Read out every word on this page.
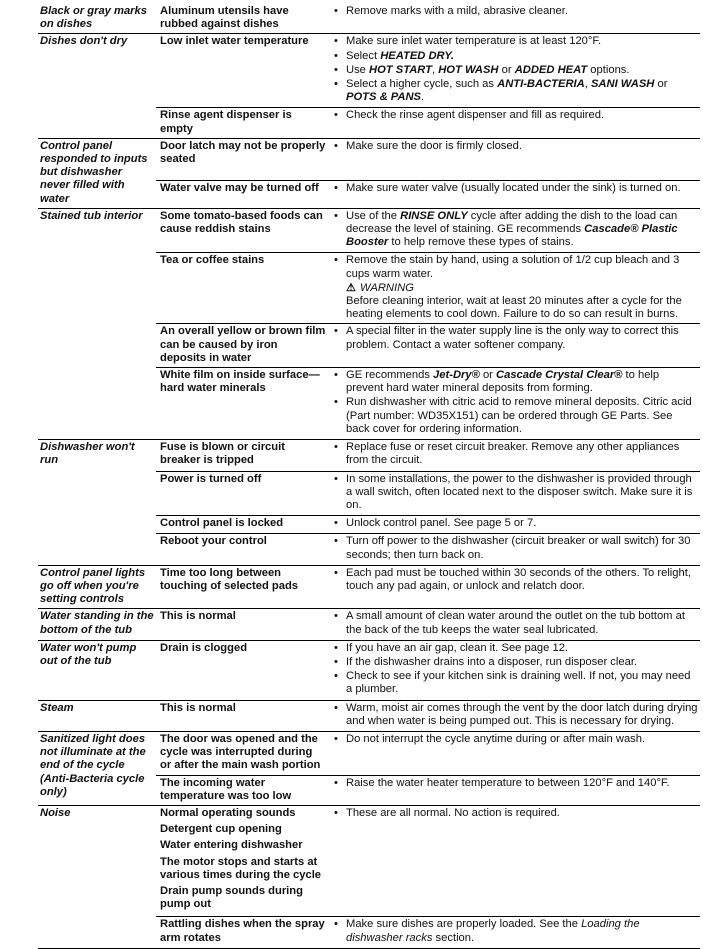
Black or gray marks on dishes	Aluminum utensils have rubbed against dishes	• Remove marks with a mild, abrasive cleaner.

Dishes don't dry	Low inlet water temperature	• Make sure inlet water temperature is at least 120°F.
• Select HEATED DRY.
• Use HOT START, HOT WASH or ADDED HEAT options.
• Select a higher cycle, such as ANTI-BACTERIA, SANI WASH or POTS & PANS.

	Rinse agent dispenser is empty	• Check the rinse agent dispenser and fill as required.

Control panel responded to inputs but dishwasher never filled with water	Door latch may not be properly seated	• Make sure the door is firmly closed.

	Water valve may be turned off	• Make sure water valve (usually located under the sink) is turned on.

Stained tub interior	Some tomato-based foods can cause reddish stains	• Use of the RINSE ONLY cycle after adding the dish to the load can decrease the level of staining. GE recommends Cascade® Plastic Booster to help remove these types of stains.

	Tea or coffee stains	• Remove the stain by hand, using a solution of 1/2 cup bleach and 3 cups warm water.
⚠ WARNING
Before cleaning interior, wait at least 20 minutes after a cycle for the heating elements to cool down. Failure to do so can result in burns.

	An overall yellow or brown film can be caused by iron deposits in water	• A special filter in the water supply line is the only way to correct this problem. Contact a water softener company.

	White film on inside surface—hard water minerals	• GE recommends Jet-Dry® or Cascade Crystal Clear® to help prevent hard water mineral deposits from forming.
• Run dishwasher with citric acid to remove mineral deposits. Citric acid (Part number: WD35X151) can be ordered through GE Parts. See back cover for ordering information.

Dishwasher won't run	Fuse is blown or circuit breaker is tripped	• Replace fuse or reset circuit breaker. Remove any other appliances from the circuit.

	Power is turned off	• In some installations, the power to the dishwasher is provided through a wall switch, often located next to the disposer switch. Make sure it is on.

	Control panel is locked	• Unlock control panel. See page 5 or 7.

	Reboot your control	• Turn off power to the dishwasher (circuit breaker or wall switch) for 30 seconds; then turn back on.

Control panel lights go off when you're setting controls	Time too long between touching of selected pads	• Each pad must be touched within 30 seconds of the others. To relight, touch any pad again, or unlock and relatch door.

Water standing in the bottom of the tub	This is normal	• A small amount of clean water around the outlet on the tub bottom at the back of the tub keeps the water seal lubricated.

Water won't pump out of the tub	Drain is clogged	• If you have an air gap, clean it. See page 12.
• If the dishwasher drains into a disposer, run disposer clear.
• Check to see if your kitchen sink is draining well. If not, you may need a plumber.

Steam	This is normal	• Warm, moist air comes through the vent by the door latch during drying and when water is being pumped out. This is necessary for drying.

Sanitized light does not illuminate at the end of the cycle (Anti-Bacteria cycle only)	The door was opened and the cycle was interrupted during or after the main wash portion	• Do not interrupt the cycle anytime during or after main wash.

	The incoming water temperature was too low	• Raise the water heater temperature to between 120°F and 140°F.

Noise	Normal operating sounds
Detergent cup opening
Water entering dishwasher
The motor stops and starts at various times during the cycle
Drain pump sounds during pump out	• These are all normal. No action is required.

	Rattling dishes when the spray arm rotates	• Make sure dishes are properly loaded. See the Loading the dishwasher racks section.
